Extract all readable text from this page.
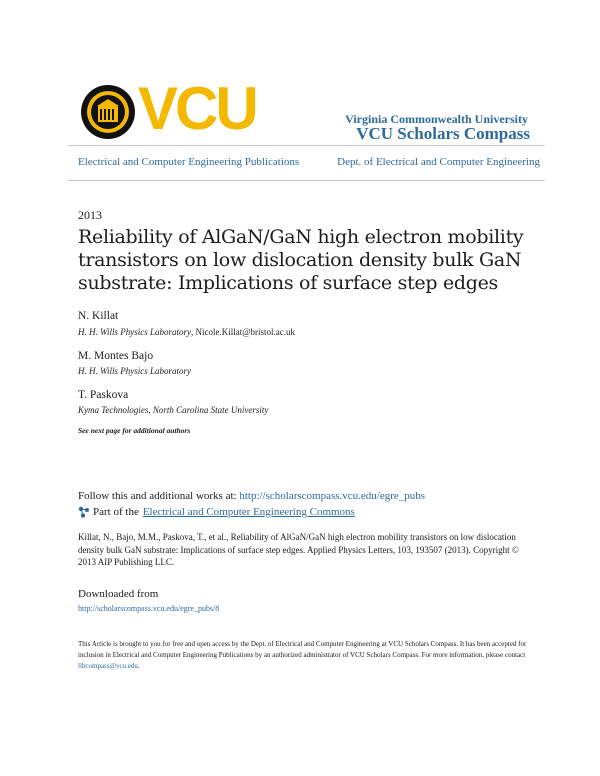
VCU	Virginia Commonwealth University
VCU Scholars Compass
Electrical and Computer Engineering Publications	Dept. of Electrical and Computer Engineering
2013
Reliability of AlGaN/GaN high electron mobility transistors on low dislocation density bulk GaN substrate: Implications of surface step edges
N. Killat
H. H. Wills Physics Laboratory, Nicole.Killat@bristol.ac.uk
M. Montes Bajo
H. H. Wills Physics Laboratory
T. Paskova
Kyma Technologies, North Carolina State University
See next page for additional authors
Follow this and additional works at: http://scholarscompass.vcu.edu/egre_pubs
Part of the Electrical and Computer Engineering Commons
Killat, N., Bajo, M.M., Paskova, T., et al., Reliability of AlGaN/GaN high electron mobility transistors on low dislocation density bulk GaN substrate: Implications of surface step edges. Applied Physics Letters, 103, 193507 (2013). Copyright © 2013 AIP Publishing LLC.
Downloaded from
http://scholarscompass.vcu.edu/egre_pubs/8
This Article is brought to you for free and open access by the Dept. of Electrical and Computer Engineering at VCU Scholars Compass. It has been accepted for inclusion in Electrical and Computer Engineering Publications by an authorized administrator of VCU Scholars Compass. For more information, please contact libcompass@vcu.edu.
